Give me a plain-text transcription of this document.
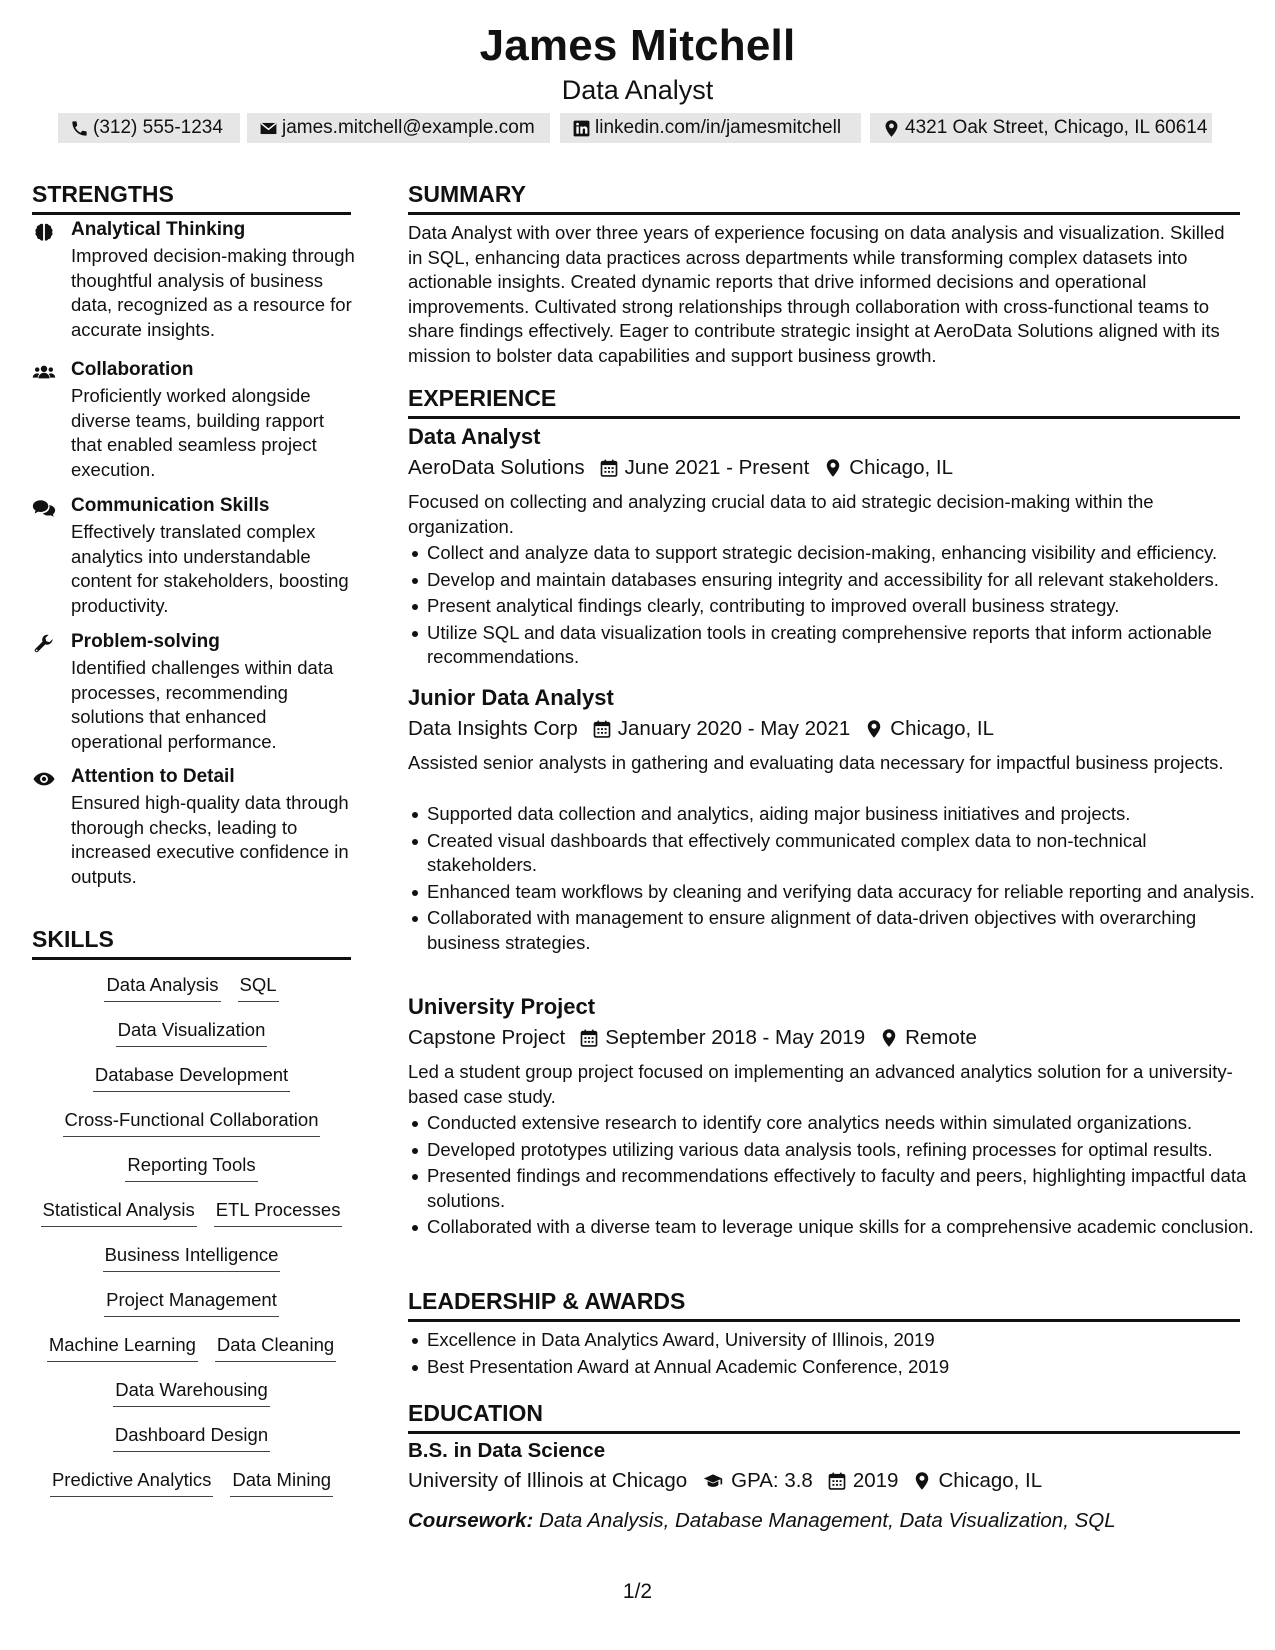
James Mitchell
Data Analyst
(312) 555-1234	james.mitchell@example.com	linkedin.com/in/jamesmitchell	4321 Oak Street, Chicago, IL 60614
STRENGTHS
Analytical Thinking
Improved decision-making through thoughtful analysis of business data, recognized as a resource for accurate insights.
Collaboration
Proficiently worked alongside diverse teams, building rapport that enabled seamless project execution.
Communication Skills
Effectively translated complex analytics into understandable content for stakeholders, boosting productivity.
Problem-solving
Identified challenges within data processes, recommending solutions that enhanced operational performance.
Attention to Detail
Ensured high-quality data through thorough checks, leading to increased executive confidence in outputs.
SKILLS
Data Analysis SQL
Data Visualization
Database Development
Cross-Functional Collaboration
Reporting Tools
Statistical Analysis ETL Processes
Business Intelligence
Project Management
Machine Learning Data Cleaning
Data Warehousing
Dashboard Design
Predictive Analytics Data Mining
SUMMARY
Data Analyst with over three years of experience focusing on data analysis and visualization. Skilled in SQL, enhancing data practices across departments while transforming complex datasets into actionable insights. Created dynamic reports that drive informed decisions and operational improvements. Cultivated strong relationships through collaboration with cross-functional teams to share findings effectively. Eager to contribute strategic insight at AeroData Solutions aligned with its mission to bolster data capabilities and support business growth.
EXPERIENCE
Data Analyst
AeroData Solutions June 2021 - Present Chicago, IL
Focused on collecting and analyzing crucial data to aid strategic decision-making within the organization.
Collect and analyze data to support strategic decision-making, enhancing visibility and efficiency.
Develop and maintain databases ensuring integrity and accessibility for all relevant stakeholders.
Present analytical findings clearly, contributing to improved overall business strategy.
Utilize SQL and data visualization tools in creating comprehensive reports that inform actionable recommendations.
Junior Data Analyst
Data Insights Corp January 2020 - May 2021 Chicago, IL
Assisted senior analysts in gathering and evaluating data necessary for impactful business projects.
Supported data collection and analytics, aiding major business initiatives and projects.
Created visual dashboards that effectively communicated complex data to non-technical stakeholders.
Enhanced team workflows by cleaning and verifying data accuracy for reliable reporting and analysis.
Collaborated with management to ensure alignment of data-driven objectives with overarching business strategies.
University Project
Capstone Project September 2018 - May 2019 Remote
Led a student group project focused on implementing an advanced analytics solution for a university-based case study.
Conducted extensive research to identify core analytics needs within simulated organizations.
Developed prototypes utilizing various data analysis tools, refining processes for optimal results.
Presented findings and recommendations effectively to faculty and peers, highlighting impactful data solutions.
Collaborated with a diverse team to leverage unique skills for a comprehensive academic conclusion.
LEADERSHIP & AWARDS
Excellence in Data Analytics Award, University of Illinois, 2019
Best Presentation Award at Annual Academic Conference, 2019
EDUCATION
B.S. in Data Science
University of Illinois at Chicago GPA: 3.8 2019 Chicago, IL
Coursework: Data Analysis, Database Management, Data Visualization, SQL
1/2
